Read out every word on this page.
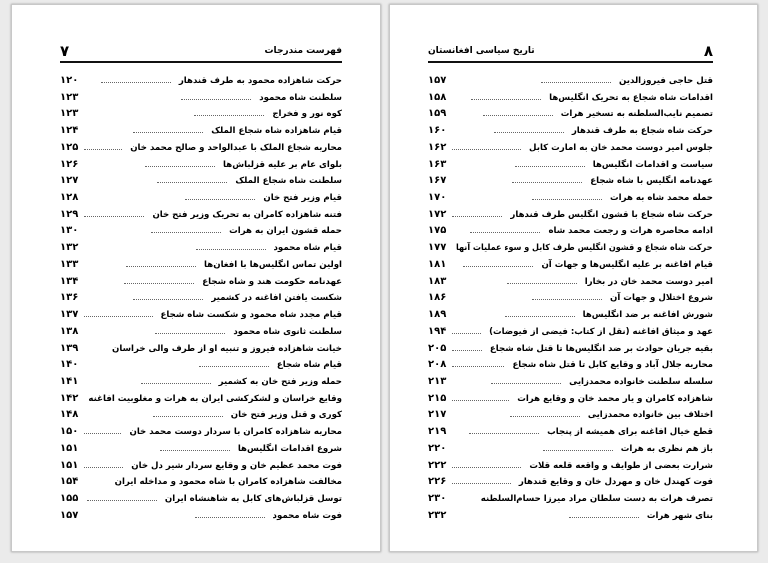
۷	فهرست مندرجات
۱۲۰	حرکت شاهزاده محمود به طرف قندهار
۱۲۳	سلطنت شاه محمود
۱۲۳	کوه نور و فخراج
۱۲۴	قیام شاهزاده شاه شجاع الملک
۱۲۵	محاربه شجاع الملک با عبدالواحد و صالح محمد خان
۱۲۶	بلوای عام بر علیه قزلباش‌ها
۱۲۷	سلطنت شاه شجاع الملک
۱۲۸	قیام وزیر فتح خان
۱۲۹	فتنه شاهزاده کامران به تحریک وزیر فتح خان
۱۳۰	حمله قشون ایران به هرات
۱۳۲	قیام شاه محمود
۱۳۳	اولین تماس انگلیس‌ها با افغان‌ها
۱۳۴	عهدنامه حکومت هند و شاه شجاع
۱۳۶	شکست یافتن افاغنه در کشمیر
۱۳۷	قیام مجدد شاه محمود و شکست شاه شجاع
۱۳۸	سلطنت ثانوی شاه محمود
۱۳۹	خیانت شاهزاده فیروز و تنبیه او از طرف والی خراسان
۱۴۰	قیام شاه شجاع
۱۴۱	حمله وزیر فتح خان به کشمیر
۱۴۲ وقایع خراسان و لشکرکشی ایران به هرات و مغلوبیت افاغنه
۱۴۸	کوری و قتل وزیر فتح خان
۱۵۰	محاربه شاهزاده کامران با سردار دوست محمد خان
۱۵۱	شروع اقدامات انگلیس‌ها
۱۵۱	فوت محمد عظیم خان و وقایع سردار شیر دل خان
۱۵۴	مخالفت شاهزاده کامران با شاه محمود و مداخله ایران
۱۵۵	توسل قزلباش‌های کابل به شاهنشاه ایران
۱۵۷	فوت شاه محمود
۸
تاریخ سیاسی افغانستان
۱۵۷	قتل حاجی فیروزالدین
۱۵۸	اقدامات شاه شجاع به تحریک انگلیس‌ها
۱۵۹	تصمیم نایب‌السلطنه به تسخیر هرات
۱۶۰	حرکت شاه شجاع به طرف قندهار
۱۶۲	جلوس امیر دوست محمد خان به امارت کابل
۱۶۳	سیاست و اقدامات انگلیس‌ها
۱۶۷	عهدنامه انگلیس با شاه شجاع
۱۷۰	حمله محمد شاه به هرات
۱۷۲	حرکت شاه شجاع با قشون انگلیس طرف قندهار
۱۷۵	ادامه محاصره هرات و رجعت محمد شاه
۱۷۷ حرکت شاه شجاع و قشون انگلیس طرف کابل و سوء عملیات آنها
۱۸۱	قیام افاغنه بر علیه انگلیس‌ها و جهات آن
۱۸۳	امیر دوست محمد خان در بخارا
۱۸۶	شروع اختلال و جهات آن
۱۸۹	شورش افاغنه بر ضد انگلیس‌ها
۱۹۴	عهد و میثاق افاغنه (نقل از کتاب: فیضی از فیوضات)
۲۰۵	بقیه جریان حوادث بر ضد انگلیس‌ها تا قتل شاه شجاع
۲۰۸	محاربه جلال آباد و وقایع کابل تا قتل شاه شجاع
۲۱۳	سلسله سلطنت خانواده محمدزایی
۲۱۵	شاهزاده کامران و یار محمد خان و وقایع هرات
۲۱۷	اختلاف بین خانواده محمدزایی
۲۱۹	قطع خیال افاغنه برای همیشه از پنجاب
۲۲۰	باز هم نظری به هرات
۲۲۲	شرارت بعضی از طوایف و واقعه قلعه قلات
۲۲۶	فوت کهندل خان و مهردل خان و وقایع قندهار
۲۳۰	تصرف هرات به دست سلطان مراد میرزا حسام‌السلطنه
۲۳۲	بنای شهر هرات
